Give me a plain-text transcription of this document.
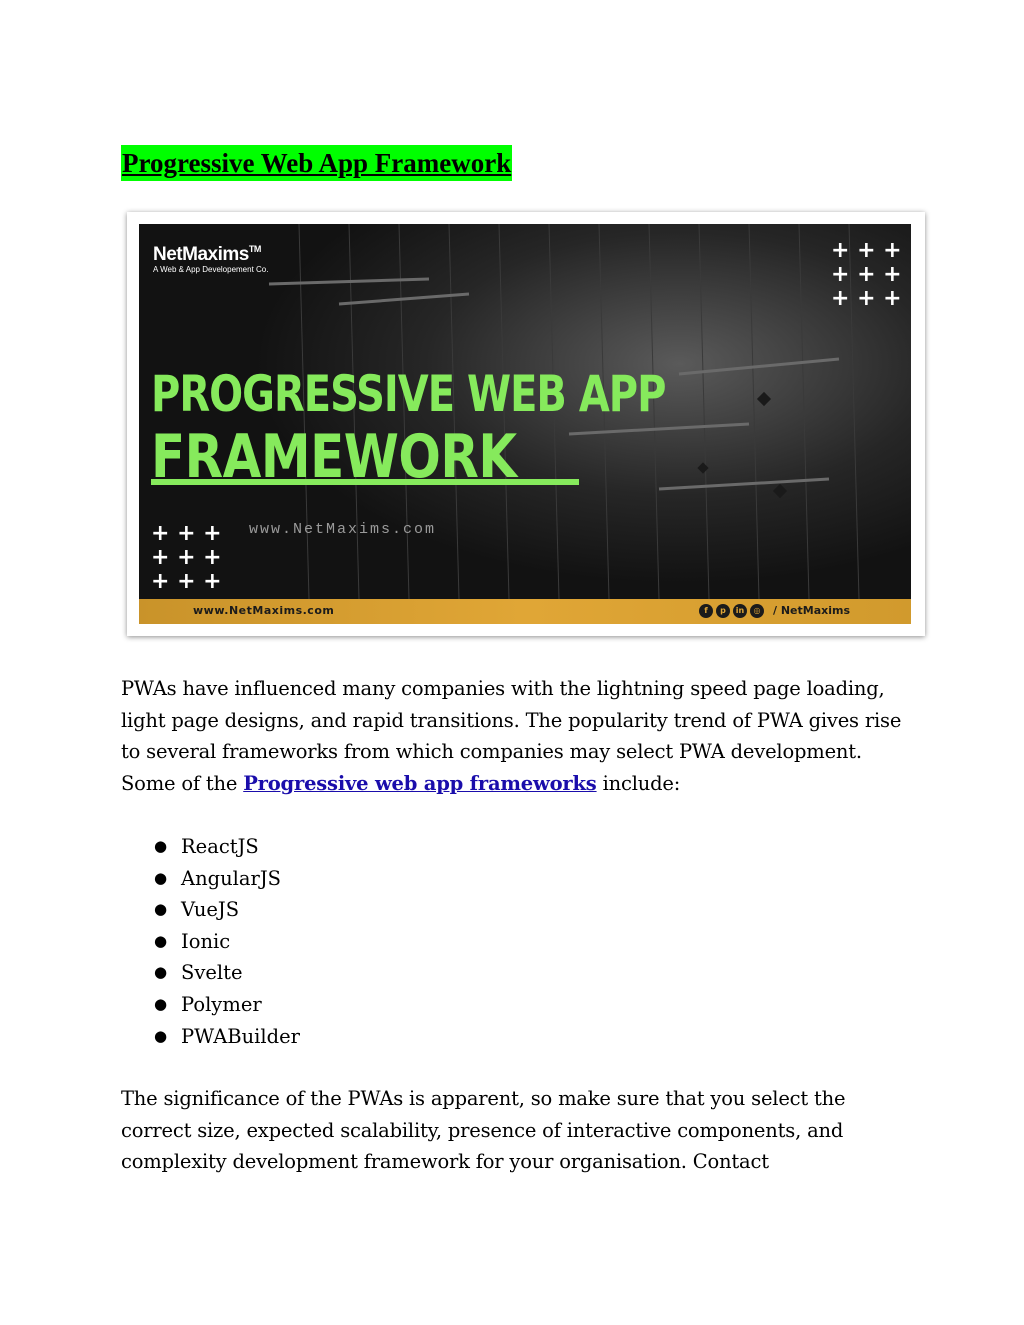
Progressive Web App Framework
+ + +
+ + +
+ + +
+ + +
+ + +
+ + +
NetMaxims™
A Web & App Developement Co.
PROGRESSIVE WEB APP
FRAMEWORK
www.NetMaxims.com
www.NetMaxims.com	f	p	in	◎	/ NetMaxims

PWAs have influenced many companies with the lightning speed page loading, light page designs, and rapid transitions. The popularity trend of PWA gives rise to several frameworks from which companies may select PWA development. Some of the Progressive web app frameworks include:

● ReactJS
● AngularJS
● VueJS
● Ionic
● Svelte
● Polymer
● PWABuilder

The significance of the PWAs is apparent, so make sure that you select the correct size, expected scalability, presence of interactive components, and complexity development framework for your organisation. Contact
